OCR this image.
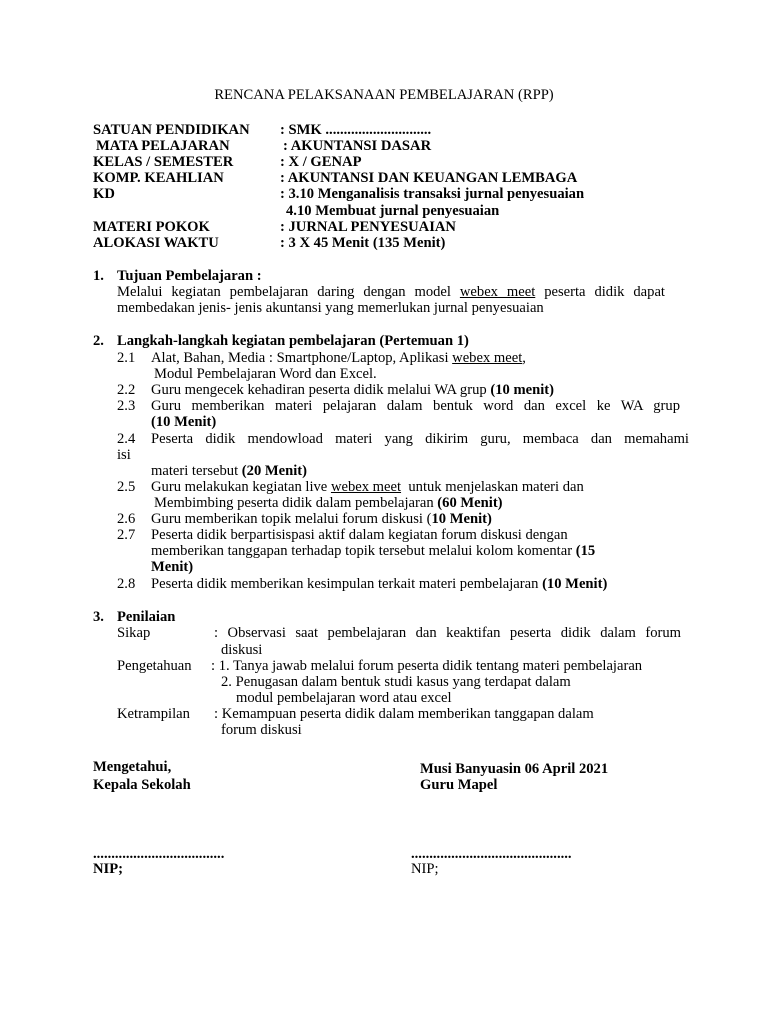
RENCANA PELAKSANAAN PEMBELAJARAN (RPP)
SATUAN PENDIDIKAN : SMK .............................
MATA PELAJARAN	: AKUNTANSI DASAR
KELAS / SEMESTER	: X / GENAP
KOMP. KEAHLIAN	: AKUNTANSI DAN KEUANGAN LEMBAGA
KD	: 3.10 Menganalisis transaksi jurnal penyesuaian
4.10 Membuat jurnal penyesuaian
MATERI POKOK	: JURNAL PENYESUAIAN
ALOKASI WAKTU	: 3 X 45 Menit (135 Menit)
1. Tujuan Pembelajaran :
Melalui kegiatan pembelajaran daring dengan model webex meet peserta didik dapat
membedakan jenis- jenis akuntansi yang memerlukan jurnal penyesuaian
2. Langkah-langkah kegiatan pembelajaran (Pertemuan 1)
2.1 Alat, Bahan, Media : Smartphone/Laptop, Aplikasi webex meet,
Modul Pembelajaran Word dan Excel.
2.2 Guru mengecek kehadiran peserta didik melalui WA grup (10 menit)
2.3 Guru memberikan materi pelajaran dalam bentuk word dan excel ke WA grup
(10 Menit)
2.4 Peserta didik mendowload materi yang dikirim guru, membaca dan memahami
isi
materi tersebut (20 Menit)
2.5 Guru melakukan kegiatan live webex meet untuk menjelaskan materi dan
Membimbing peserta didik dalam pembelajaran (60 Menit)
2.6 Guru memberikan topik melalui forum diskusi (10 Menit)
2.7 Peserta didik berpartisispasi aktif dalam kegiatan forum diskusi dengan
memberikan tanggapan terhadap topik tersebut melalui kolom komentar (15
Menit)
2.8 Peserta didik memberikan kesimpulan terkait materi pembelajaran (10 Menit)
3. Penilaian
Sikap	: Observasi saat pembelajaran dan keaktifan peserta didik dalam forum
diskusi
Pengetahuan : 1. Tanya jawab melalui forum peserta didik tentang materi pembelajaran
2. Penugasan dalam bentuk studi kasus yang terdapat dalam
modul pembelajaran word atau excel
Ketrampilan : Kemampuan peserta didik dalam memberikan tanggapan dalam
forum diskusi
Mengetahui,
Kepala Sekolah
Musi Banyuasin 06 April 2021
Guru Mapel
....................................
NIP;
............................................
NIP;
